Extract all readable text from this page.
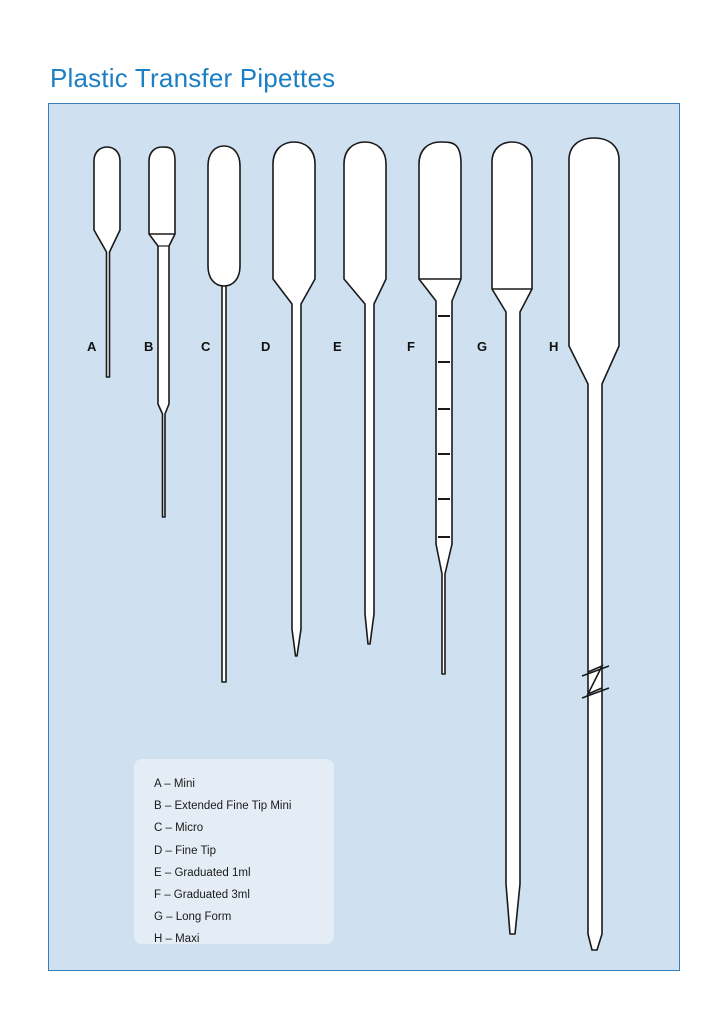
Plastic Transfer Pipettes
A	B	C	D	E	F	G	H
A – Mini
B – Extended Fine Tip Mini
C – Micro
D – Fine Tip
E – Graduated 1ml
F – Graduated 3ml
G – Long Form
H – Maxi
